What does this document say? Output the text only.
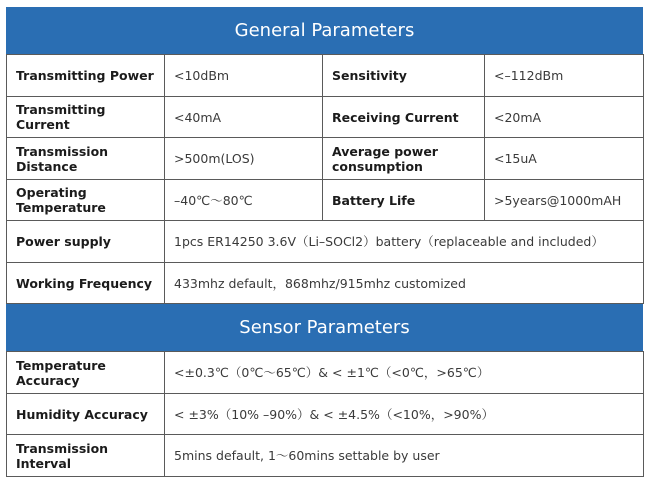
General Parameters
Transmitting Power	<10dBm	Sensitivity	<–112dBm
Transmitting Current	<40mA	Receiving Current	<20mA
Transmission Distance	>500m(LOS)	Average power consumption	<15uA
Operating Temperature	–40℃～80℃	Battery Life	>5years@1000mAH
Power supply	1pcs ER14250 3.6V（Li–SOCl2）battery（replaceable and included）		
Working Frequency	433mhz default，868mhz/915mhz customized		
Sensor Parameters
Temperature Accuracy	<±0.3℃（0℃～65℃）& < ±1℃（<0℃，>65℃）
Humidity Accuracy	< ±3%（10% –90%）& < ±4.5%（<10%，>90%）
Transmission Interval	5mins default, 1～60mins settable by user
